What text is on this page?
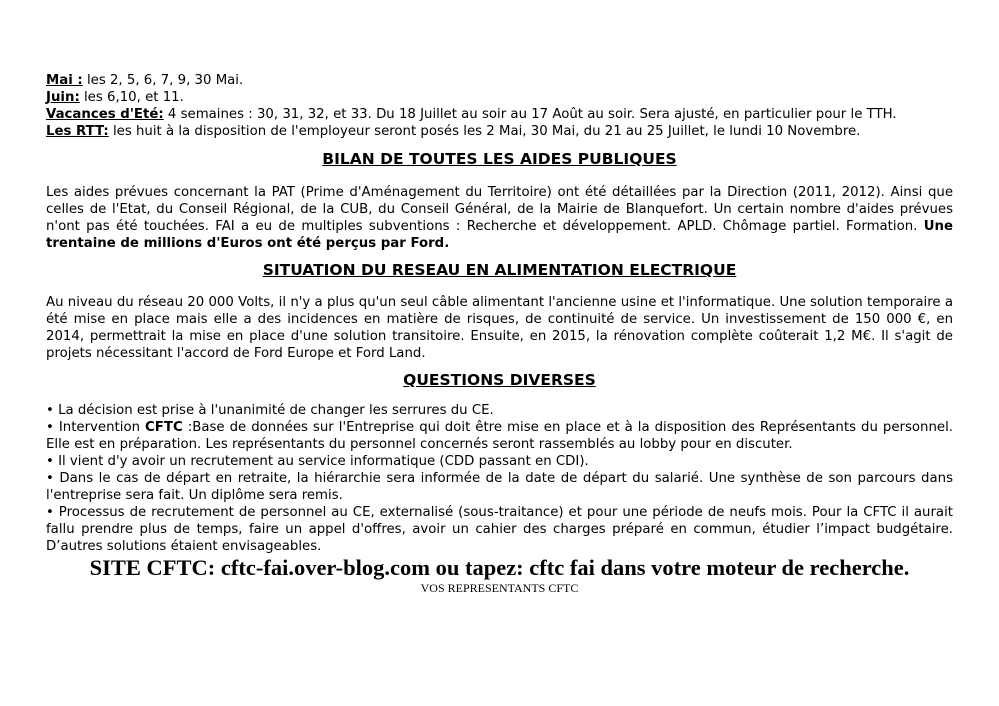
Mai : les 2, 5, 6, 7, 9, 30 Mai.

Juin: les 6,10, et 11.

Vacances d'Eté: 4 semaines : 30, 31, 32, et 33. Du 18 Juillet au soir au 17 Août au soir. Sera ajusté, en particulier pour le TTH.

Les RTT: les huit à la disposition de l'employeur seront posés les 2 Mai, 30 Mai, du 21 au 25 Juillet, le lundi 10 Novembre.

BILAN DE TOUTES LES AIDES PUBLIQUES

Les aides prévues concernant la PAT (Prime d'Aménagement du Territoire) ont été détaillées par la Direction (2011, 2012). Ainsi que celles de l'Etat, du Conseil Régional, de la CUB, du Conseil Général, de la Mairie de Blanquefort. Un certain nombre d'aides prévues n'ont pas été touchées. FAI a eu de multiples subventions : Recherche et développement. APLD. Chômage partiel. Formation. Une trentaine de millions d'Euros ont été perçus par Ford.

SITUATION DU RESEAU EN ALIMENTATION ELECTRIQUE

Au niveau du réseau 20 000 Volts, il n'y a plus qu'un seul câble alimentant l'ancienne usine et l'informatique. Une solution temporaire a été mise en place mais elle a des incidences en matière de risques, de continuité de service. Un investissement de 150 000 €, en 2014, permettrait la mise en place d'une solution transitoire. Ensuite, en 2015, la rénovation complète coûterait 1,2 M€. Il s'agit de projets nécessitant l'accord de Ford Europe et Ford Land.

QUESTIONS DIVERSES

• La décision est prise à l'unanimité de changer les serrures du CE.

• Intervention CFTC :Base de données sur l'Entreprise qui doit être mise en place et à la disposition des Représentants du personnel. Elle est en préparation. Les représentants du personnel concernés seront rassemblés au lobby pour en discuter.

• Il vient d'y avoir un recrutement au service informatique (CDD passant en CDI).

• Dans le cas de départ en retraite, la hiérarchie sera informée de la date de départ du salarié. Une synthèse de son parcours dans l'entreprise sera fait. Un diplôme sera remis.

• Processus de recrutement de personnel au CE, externalisé (sous-traitance) et pour une période de neufs mois. Pour la CFTC il aurait fallu prendre plus de temps, faire un appel d'offres, avoir un cahier des charges préparé en commun, étudier l’impact budgétaire. D’autres solutions étaient envisageables.

SITE CFTC: cftc-fai.over-blog.com ou tapez: cftc fai dans votre moteur de recherche.

VOS REPRESENTANTS CFTC
